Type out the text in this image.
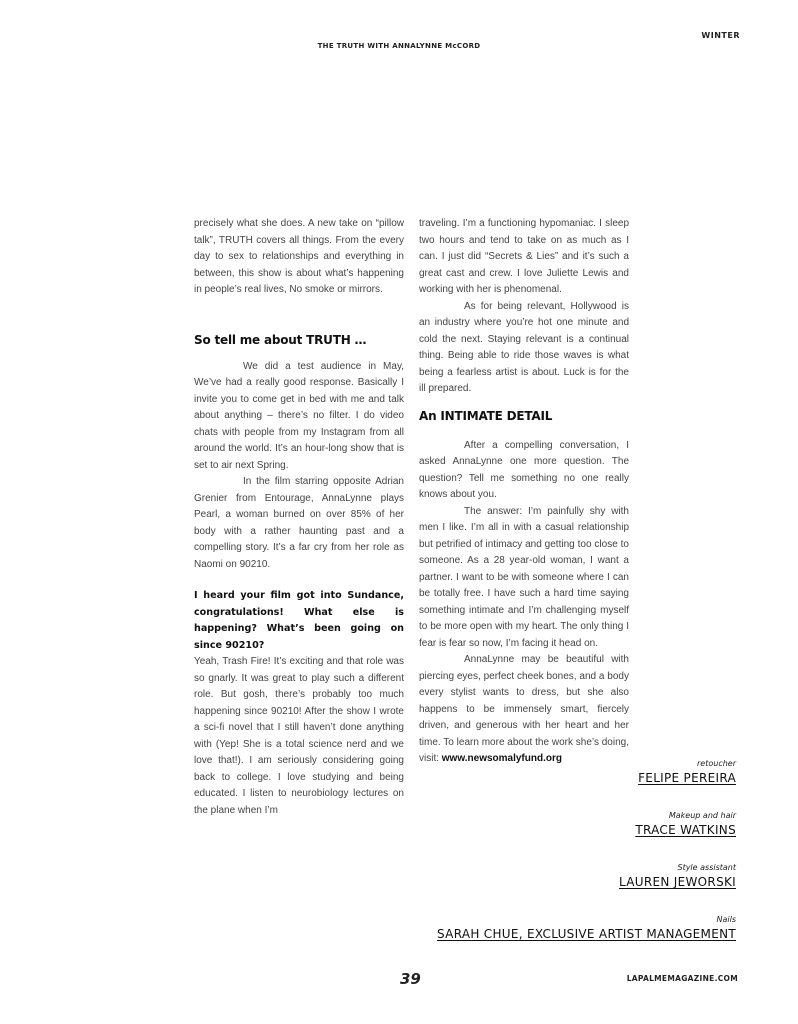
WINTER
THE TRUTH WITH ANNALYNNE McCORD

precisely what she does. A new take on “pillow talk”, TRUTH covers all things. From the every day to sex to relationships and everything in between, this show is about what’s happening in people’s real lives, No smoke or mirrors.

So tell me about TRUTH …

We did a test audience in May, We’ve had a really good response. Basically I invite you to come get in bed with me and talk about anything – there’s no filter. I do video chats with people from my Instagram from all around the world. It’s an hour-long show that is set to air next Spring.

In the film starring opposite Adrian Grenier from Entourage, AnnaLynne plays Pearl, a woman burned on over 85% of her body with a rather haunting past and a compelling story. It’s a far cry from her role as Naomi on 90210.

I heard your film got into Sundance, congratulations! What else is happening? What’s been going on since 90210?

Yeah, Trash Fire! It’s exciting and that role was so gnarly. It was great to play such a different role. But gosh, there’s probably too much happening since 90210! After the show I wrote a sci-fi novel that I still haven’t done anything with (Yep! She is a total science nerd and we love that!). I am seriously considering going back to college. I love studying and being educated. I listen to neurobiology lectures on the plane when I’m

traveling. I’m a functioning hypomaniac. I sleep two hours and tend to take on as much as I can. I just did “Secrets & Lies” and it’s such a great cast and crew. I love Juliette Lewis and working with her is phenomenal.

As for being relevant, Hollywood is an industry where you’re hot one minute and cold the next. Staying relevant is a continual thing. Being able to ride those waves is what being a fearless artist is about. Luck is for the ill prepared.

An INTIMATE DETAIL

After a compelling conversation, I asked AnnaLynne one more question. The question? Tell me something no one really knows about you.

The answer: I’m painfully shy with men I like. I’m all in with a casual relationship but petrified of intimacy and getting too close to someone. As a 28 year-old woman, I want a partner. I want to be with someone where I can be totally free. I have such a hard time saying something intimate and I’m challenging myself to be more open with my heart. The only thing I fear is fear so now, I’m facing it head on.

AnnaLynne may be beautiful with piercing eyes, perfect cheek bones, and a body every stylist wants to dress, but she also happens to be immensely smart, fiercely driven, and generous with her heart and her time. To learn more about the work she’s doing, visit: www.newsomalyfund.org	retoucher
FELIPE PEREIRA
Makeup and hair
TRACE WATKINS
Style assistant
LAUREN JEWORSKI
Nails
SARAH CHUE, EXCLUSIVE ARTIST MANAGEMENT
39	LAPALMEMAGAZINE.COM
